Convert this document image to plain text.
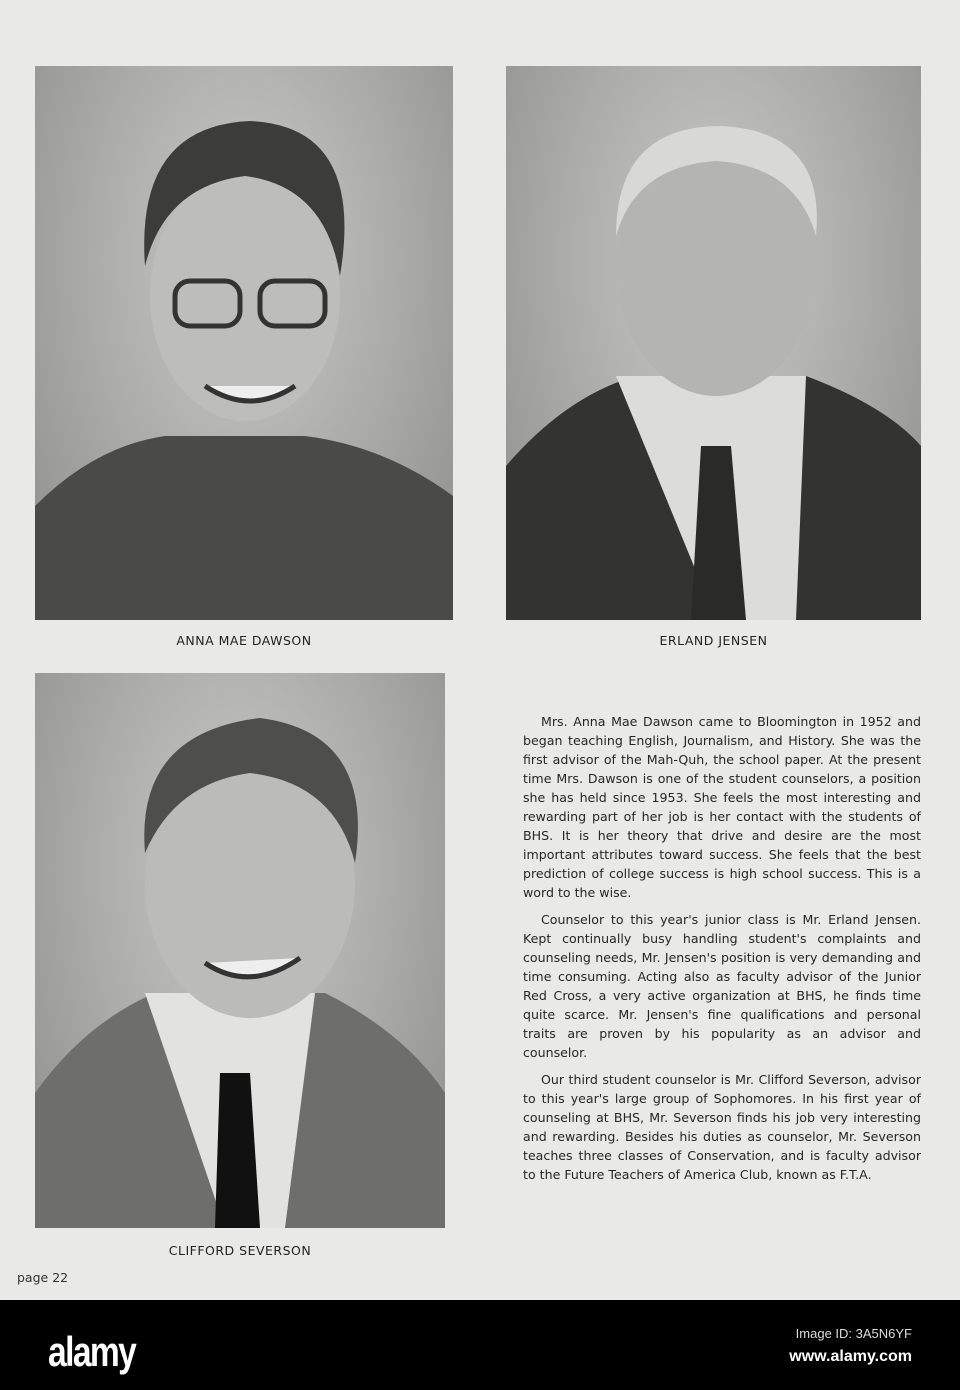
ANNA MAE DAWSON	ERLAND JENSEN
CLIFFORD SEVERSON

Mrs. Anna Mae Dawson came to Bloomington in 1952 and began teaching English, Journalism, and History. She was the first advisor of the Mah-Quh, the school paper. At the present time Mrs. Dawson is one of the student counselors, a position she has held since 1953. She feels the most interesting and rewarding part of her job is her contact with the students of BHS. It is her theory that drive and desire are the most important attributes toward success. She feels that the best prediction of college success is high school success. This is a word to the wise.

Counselor to this year's junior class is Mr. Erland Jensen. Kept continually busy handling student's complaints and counseling needs, Mr. Jensen's position is very demanding and time consuming. Acting also as faculty advisor of the Junior Red Cross, a very active organization at BHS, he finds time quite scarce. Mr. Jensen's fine qualifications and personal traits are proven by his popularity as an advisor and counselor.

Our third student counselor is Mr. Clifford Severson, advisor to this year's large group of Sophomores. In his first year of counseling at BHS, Mr. Severson finds his job very interesting and rewarding. Besides his duties as counselor, Mr. Severson teaches three classes of Conservation, and is faculty advisor to the Future Teachers of America Club, known as F.T.A.

page 22
alamy	Image ID: 3A5N6YF
www.alamy.com
